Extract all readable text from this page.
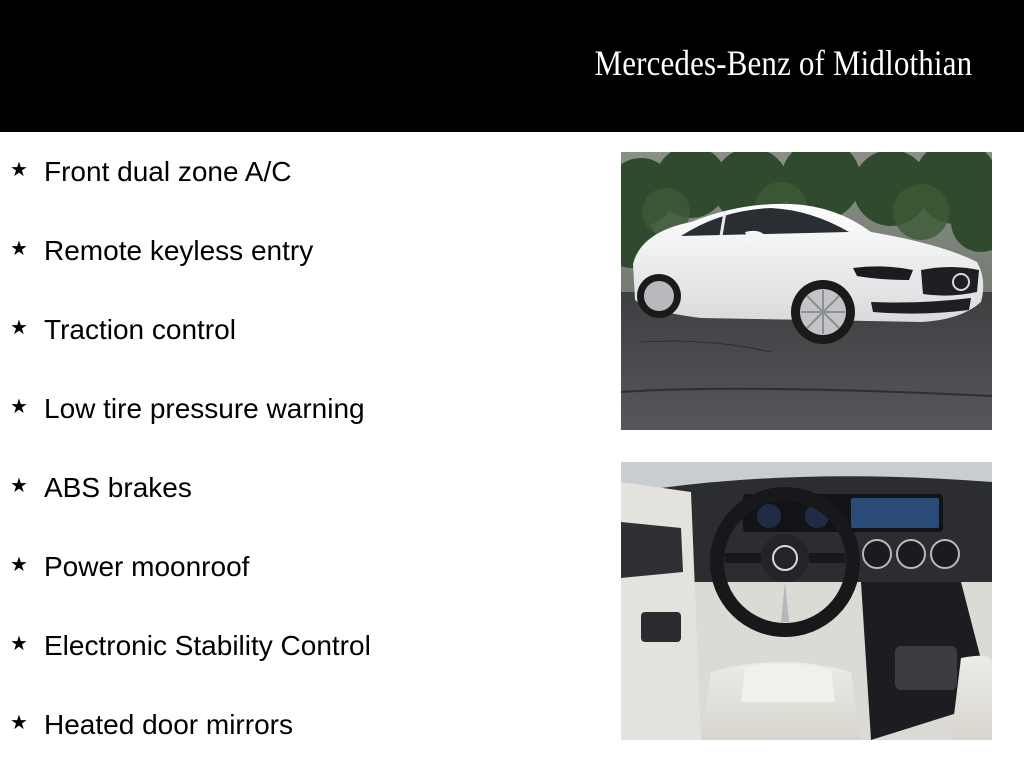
Mercedes-Benz of Midlothian
★ Front dual zone A/C
★ Remote keyless entry
★ Traction control
★ Low tire pressure warning
★ ABS brakes
★ Power moonroof
★ Electronic Stability Control
★ Heated door mirrors
